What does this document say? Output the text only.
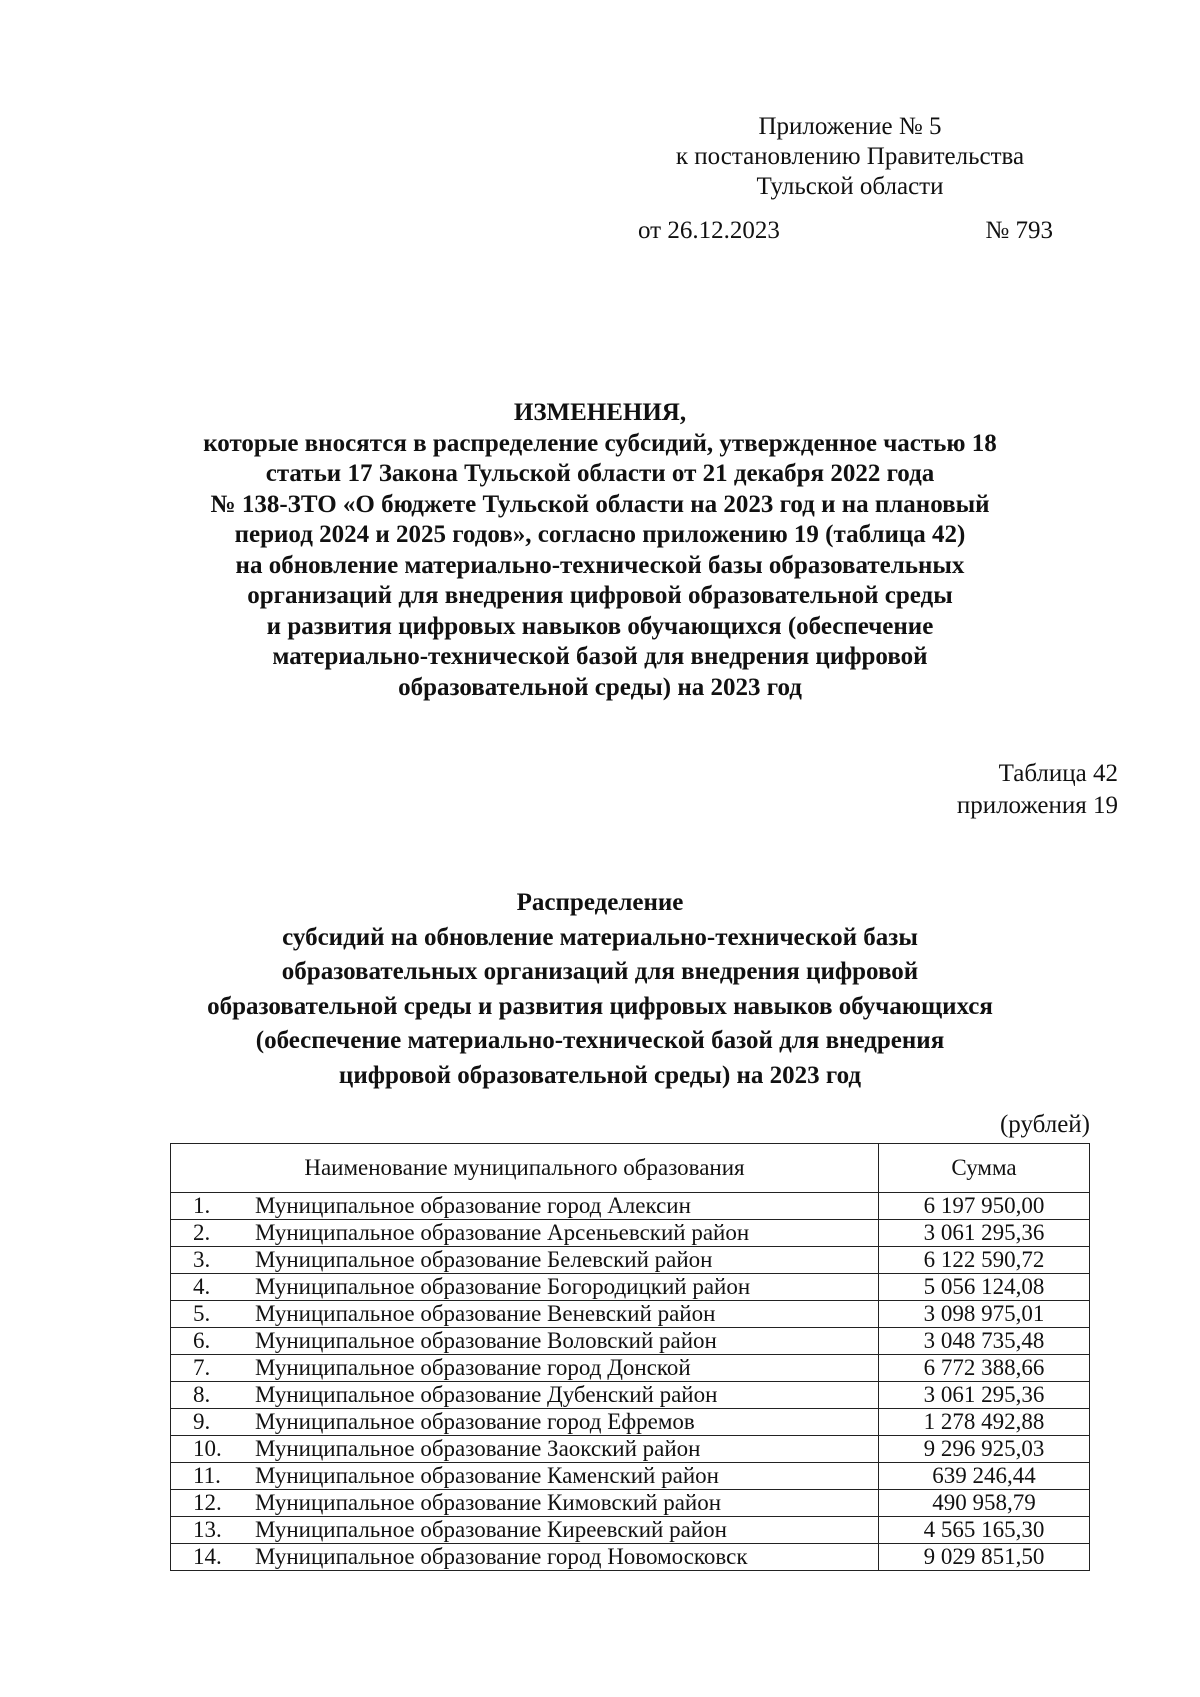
Приложение № 5
к постановлению Правительства
Тульской области
от 26.12.2023	№ 793
ИЗМЕНЕНИЯ,
которые вносятся в распределение субсидий, утвержденное частью 18
статьи 17 Закона Тульской области от 21 декабря 2022 года
№ 138-ЗТО «О бюджете Тульской области на 2023 год и на плановый
период 2024 и 2025 годов», согласно приложению 19 (таблица 42)
на обновление материально-технической базы образовательных
организаций для внедрения цифровой образовательной среды
и развития цифровых навыков обучающихся (обеспечение
материально-технической базой для внедрения цифровой
образовательной среды) на 2023 год
Таблица 42
приложения 19
Распределение
субсидий на обновление материально-технической базы
образовательных организаций для внедрения цифровой
образовательной среды и развития цифровых навыков обучающихся
(обеспечение материально-технической базой для внедрения
цифровой образовательной среды) на 2023 год
(рублей)
Наименование муниципального образования		Сумма
1.	Муниципальное образование город Алексин	6 197 950,00
2.	Муниципальное образование Арсеньевский район	3 061 295,36
3.	Муниципальное образование Белевский район	6 122 590,72
4.	Муниципальное образование Богородицкий район	5 056 124,08
5.	Муниципальное образование Веневский район	3 098 975,01
6.	Муниципальное образование Воловский район	3 048 735,48
7.	Муниципальное образование город Донской	6 772 388,66
8.	Муниципальное образование Дубенский район	3 061 295,36
9.	Муниципальное образование город Ефремов	1 278 492,88
10.	Муниципальное образование Заокский район	9 296 925,03
11.	Муниципальное образование Каменский район	639 246,44
12.	Муниципальное образование Кимовский район	490 958,79
13.	Муниципальное образование Киреевский район	4 565 165,30
14.	Муниципальное образование город Новомосковск	9 029 851,50
